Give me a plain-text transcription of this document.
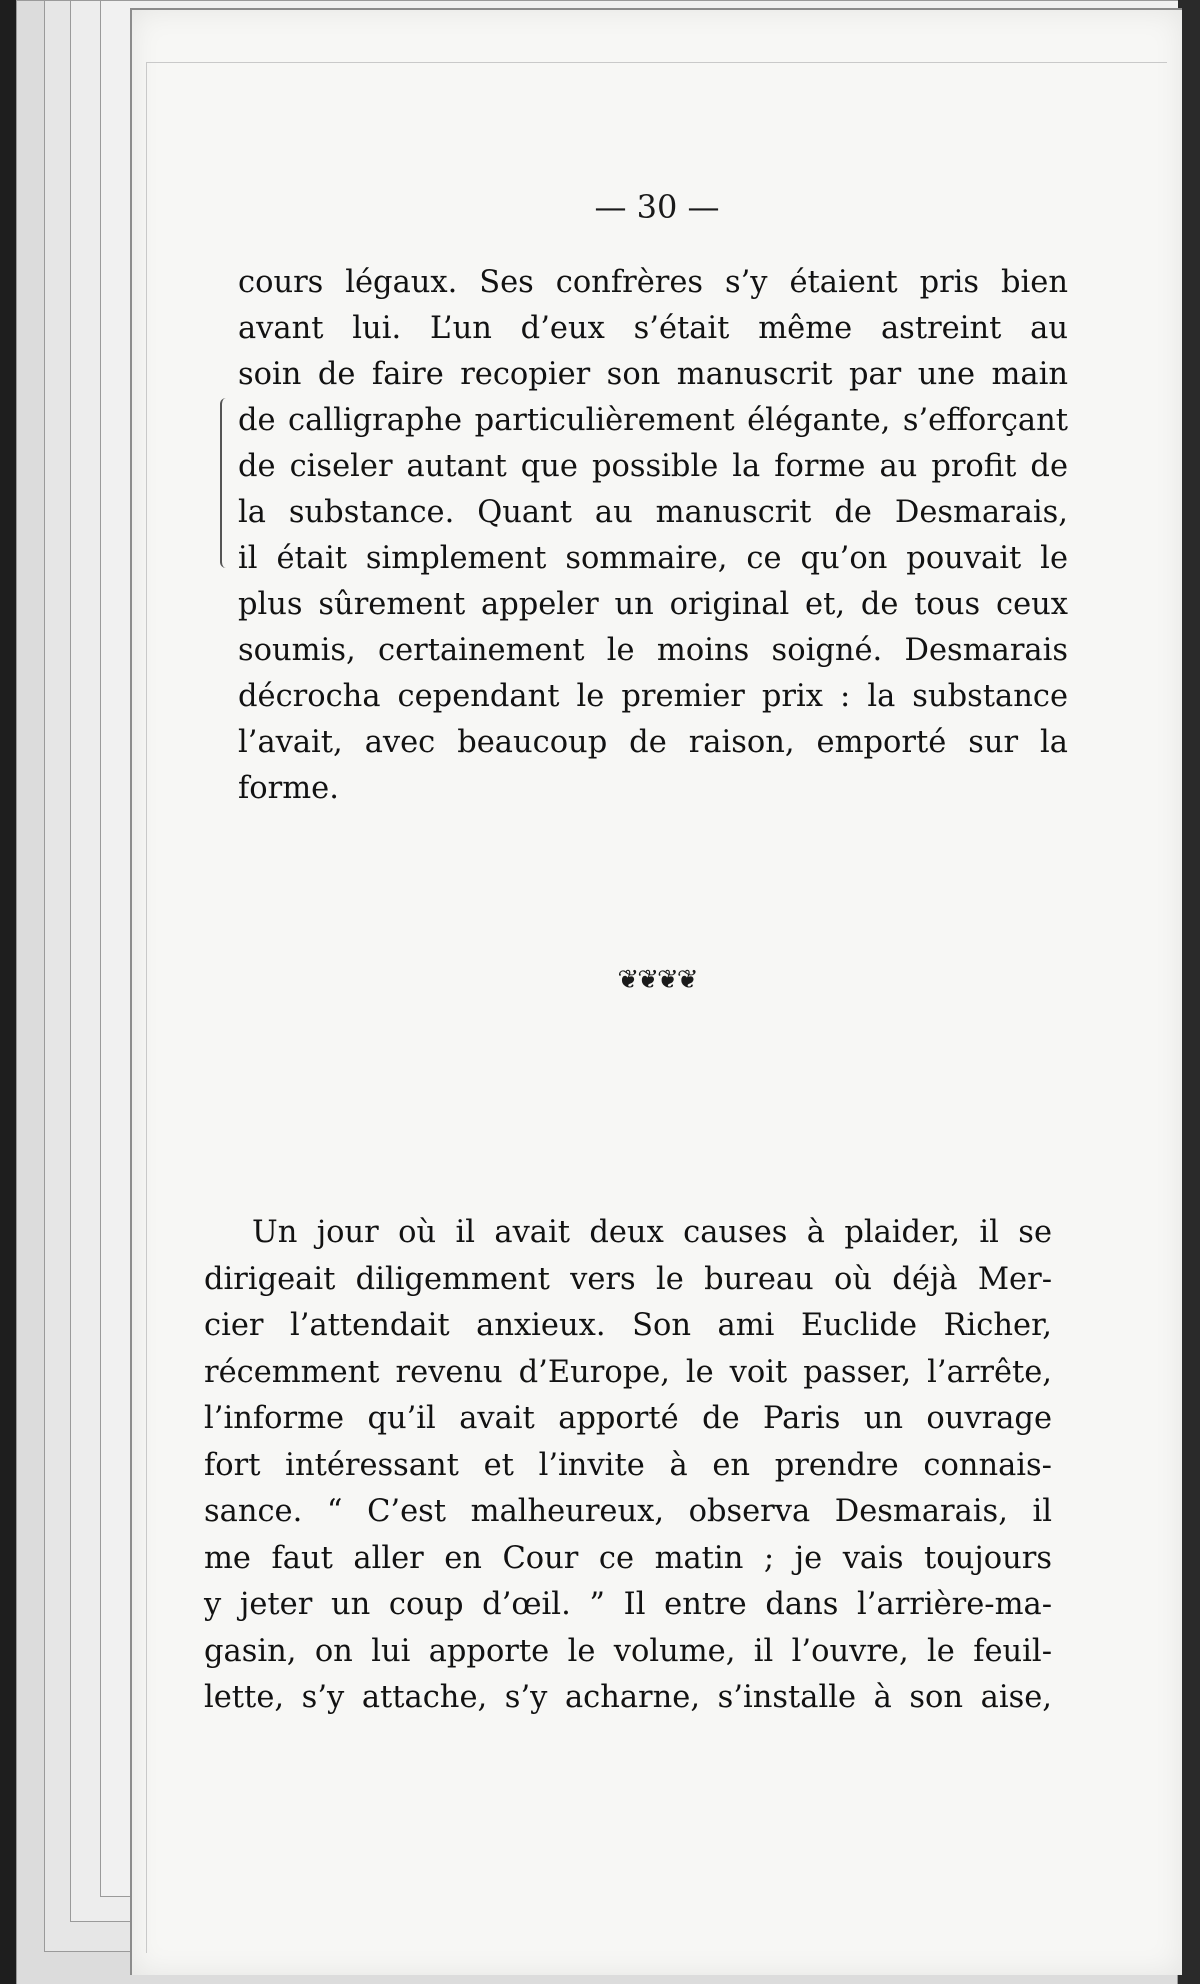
— 30 —
cours légaux. Ses confrères s’y étaient pris bien
avant lui. L’un d’eux s’était même astreint au
soin de faire recopier son manuscrit par une main
de calligraphe particulièrement élégante, s’efforçant
de ciseler autant que possible la forme au profit de
la substance. Quant au manuscrit de Desmarais,
il était simplement sommaire, ce qu’on pouvait le
plus sûrement appeler un original et, de tous ceux
soumis, certainement le moins soigné. Desmarais
décrocha cependant le premier prix : la substance
l’avait, avec beaucoup de raison, emporté sur la
forme.
❦❦❦❦
Un jour où il avait deux causes à plaider, il se
dirigeait diligemment vers le bureau où déjà Mer-
cier l’attendait anxieux. Son ami Euclide Richer,
récemment revenu d’Europe, le voit passer, l’arrête,
l’informe qu’il avait apporté de Paris un ouvrage
fort intéressant et l’invite à en prendre connais-
sance. “ C’est malheureux, observa Desmarais, il
me faut aller en Cour ce matin ; je vais toujours
y jeter un coup d’œil. ” Il entre dans l’arrière-ma-
gasin, on lui apporte le volume, il l’ouvre, le feuil-
lette, s’y attache, s’y acharne, s’installe à son aise,
